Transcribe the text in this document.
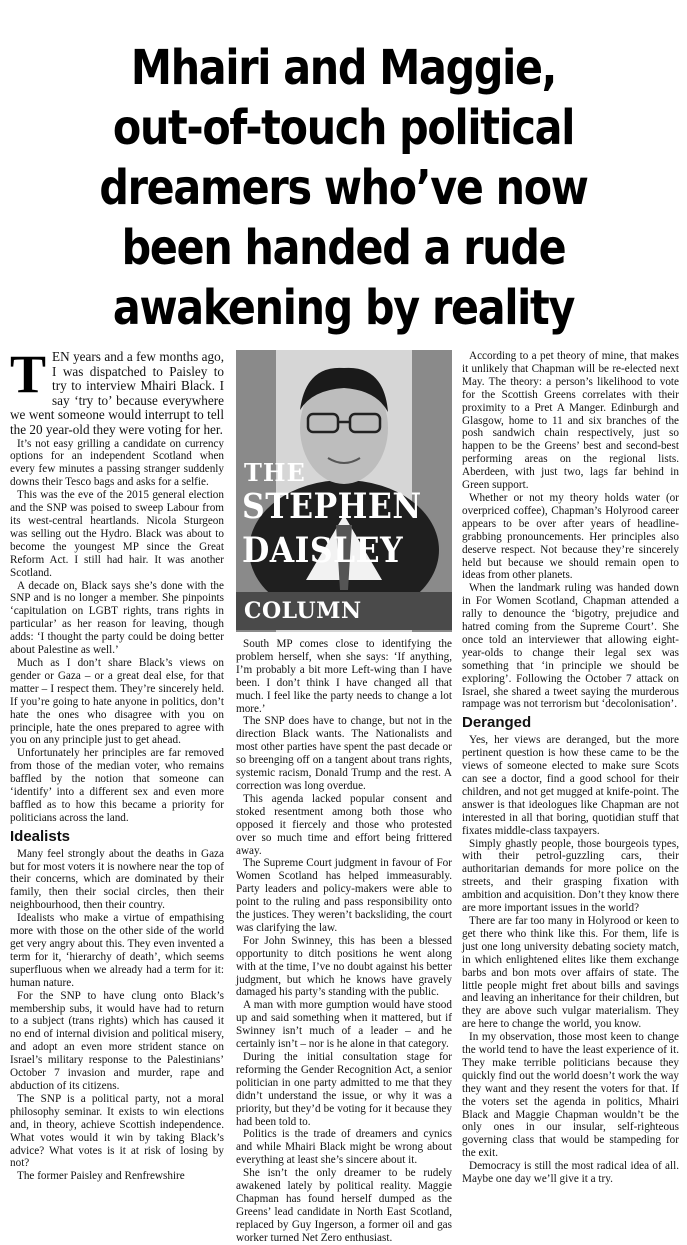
Mhairi and Maggie,
out-of-touch political
dreamers who’ve now
been handed a rude
awakening by reality

TEN years and a few months ago, I was dispatched to Paisley to try to interview Mhairi Black. I say ‘try to’ because everywhere we went someone would interrupt to tell the 20 year-old they were voting for her.

It’s not easy grilling a candidate on currency options for an independent Scotland when every few minutes a passing stranger suddenly downs their Tesco bags and asks for a selfie.

This was the eve of the 2015 general election and the SNP was poised to sweep Labour from its west-central heartlands. Nicola Sturgeon was selling out the Hydro. Black was about to become the youngest MP since the Great Reform Act. I still had hair. It was another Scotland.

A decade on, Black says she’s done with the SNP and is no longer a member. She pinpoints ‘capitulation on LGBT rights, trans rights in particular’ as her reason for leaving, though adds: ‘I thought the party could be doing better about Palestine as well.’

Much as I don’t share Black’s views on gender or Gaza – or a great deal else, for that matter – I respect them. They’re sincerely held. If you’re going to hate anyone in politics, don’t hate the ones who disagree with you on principle, hate the ones prepared to agree with you on any principle just to get ahead.

Unfortunately her principles are far removed from those of the median voter, who remains baffled by the notion that someone can ‘identify’ into a different sex and even more baffled as to how this became a priority for politicians across the land.

Idealists

Many feel strongly about the deaths in Gaza but for most voters it is nowhere near the top of their concerns, which are dominated by their family, then their social circles, then their neighbourhood, then their country.

Idealists who make a virtue of empathising more with those on the other side of the world get very angry about this. They even invented a term for it, ‘hierarchy of death’, which seems superfluous when we already had a term for it: human nature.

For the SNP to have clung onto Black’s membership subs, it would have had to return to a subject (trans rights) which has caused it no end of internal division and political misery, and adopt an even more strident stance on Israel’s military response to the Palestinians’ October 7 invasion and murder, rape and abduction of its citizens.

The SNP is a political party, not a moral philosophy seminar. It exists to win elections and, in theory, achieve Scottish independence. What votes would it win by taking Black’s advice? What votes is it at risk of losing by not?

The former Paisley and Renfrewshire

THE
STEPHEN
DAISLEY
COLUMN

South MP comes close to identifying the problem herself, when she says: ‘If anything, I’m probably a bit more Left-wing than I have been. I don’t think I have changed all that much. I feel like the party needs to change a lot more.’

The SNP does have to change, but not in the direction Black wants. The Nationalists and most other parties have spent the past decade or so breenging off on a tangent about trans rights, systemic racism, Donald Trump and the rest. A correction was long overdue.

This agenda lacked popular consent and stoked resentment among both those who opposed it fiercely and those who protested over so much time and effort being frittered away.

The Supreme Court judgment in favour of For Women Scotland has helped immeasurably. Party leaders and policy-makers were able to point to the ruling and pass responsibility onto the justices. They weren’t backsliding, the court was clarifying the law.

For John Swinney, this has been a blessed opportunity to ditch positions he went along with at the time, I’ve no doubt against his better judgment, but which he knows have gravely damaged his party’s standing with the public.

A man with more gumption would have stood up and said something when it mattered, but if Swinney isn’t much of a leader – and he certainly isn’t – nor is he alone in that category.

During the initial consultation stage for reforming the Gender Recognition Act, a senior politician in one party admitted to me that they didn’t understand the issue, or why it was a priority, but they’d be voting for it because they had been told to.

Politics is the trade of dreamers and cynics and while Mhairi Black might be wrong about everything at least she’s sincere about it.

She isn’t the only dreamer to be rudely awakened lately by political reality. Maggie Chapman has found herself dumped as the Greens’ lead candidate in North East Scotland, replaced by Guy Ingerson, a former oil and gas worker turned Net Zero enthusiast.

According to a pet theory of mine, that makes it unlikely that Chapman will be re-elected next May. The theory: a person’s likelihood to vote for the Scottish Greens correlates with their proximity to a Pret A Manger. Edinburgh and Glasgow, home to 11 and six branches of the posh sandwich chain respectively, just so happen to be the Greens’ best and second-best performing areas on the regional lists. Aberdeen, with just two, lags far behind in Green support.

Whether or not my theory holds water (or overpriced coffee), Chapman’s Holyrood career appears to be over after years of headline-grabbing pronouncements. Her principles also deserve respect. Not because they’re sincerely held but because we should remain open to ideas from other planets.

When the landmark ruling was handed down in For Women Scotland, Chapman attended a rally to denounce the ‘bigotry, prejudice and hatred coming from the Supreme Court’. She once told an interviewer that allowing eight-year-olds to change their legal sex was something that ‘in principle we should be exploring’. Following the October 7 attack on Israel, she shared a tweet saying the murderous rampage was not terrorism but ‘decolonisation’.

Deranged

Yes, her views are deranged, but the more pertinent question is how these came to be the views of someone elected to make sure Scots can see a doctor, find a good school for their children, and not get mugged at knife-point. The answer is that ideologues like Chapman are not interested in all that boring, quotidian stuff that fixates middle-class taxpayers.

Simply ghastly people, those bourgeois types, with their petrol-guzzling cars, their authoritarian demands for more police on the streets, and their grasping fixation with ambition and acquisition. Don’t they know there are more important issues in the world?

There are far too many in Holyrood or keen to get there who think like this. For them, life is just one long university debating society match, in which enlightened elites like them exchange barbs and bon mots over affairs of state. The little people might fret about bills and savings and leaving an inheritance for their children, but they are above such vulgar materialism. They are here to change the world, you know.

In my observation, those most keen to change the world tend to have the least experience of it. They make terrible politicians because they quickly find out the world doesn’t work the way they want and they resent the voters for that. If the voters set the agenda in politics, Mhairi Black and Maggie Chapman wouldn’t be the only ones in our insular, self-righteous governing class that would be stampeding for the exit.

Democracy is still the most radical idea of all. Maybe one day we’ll give it a try.
